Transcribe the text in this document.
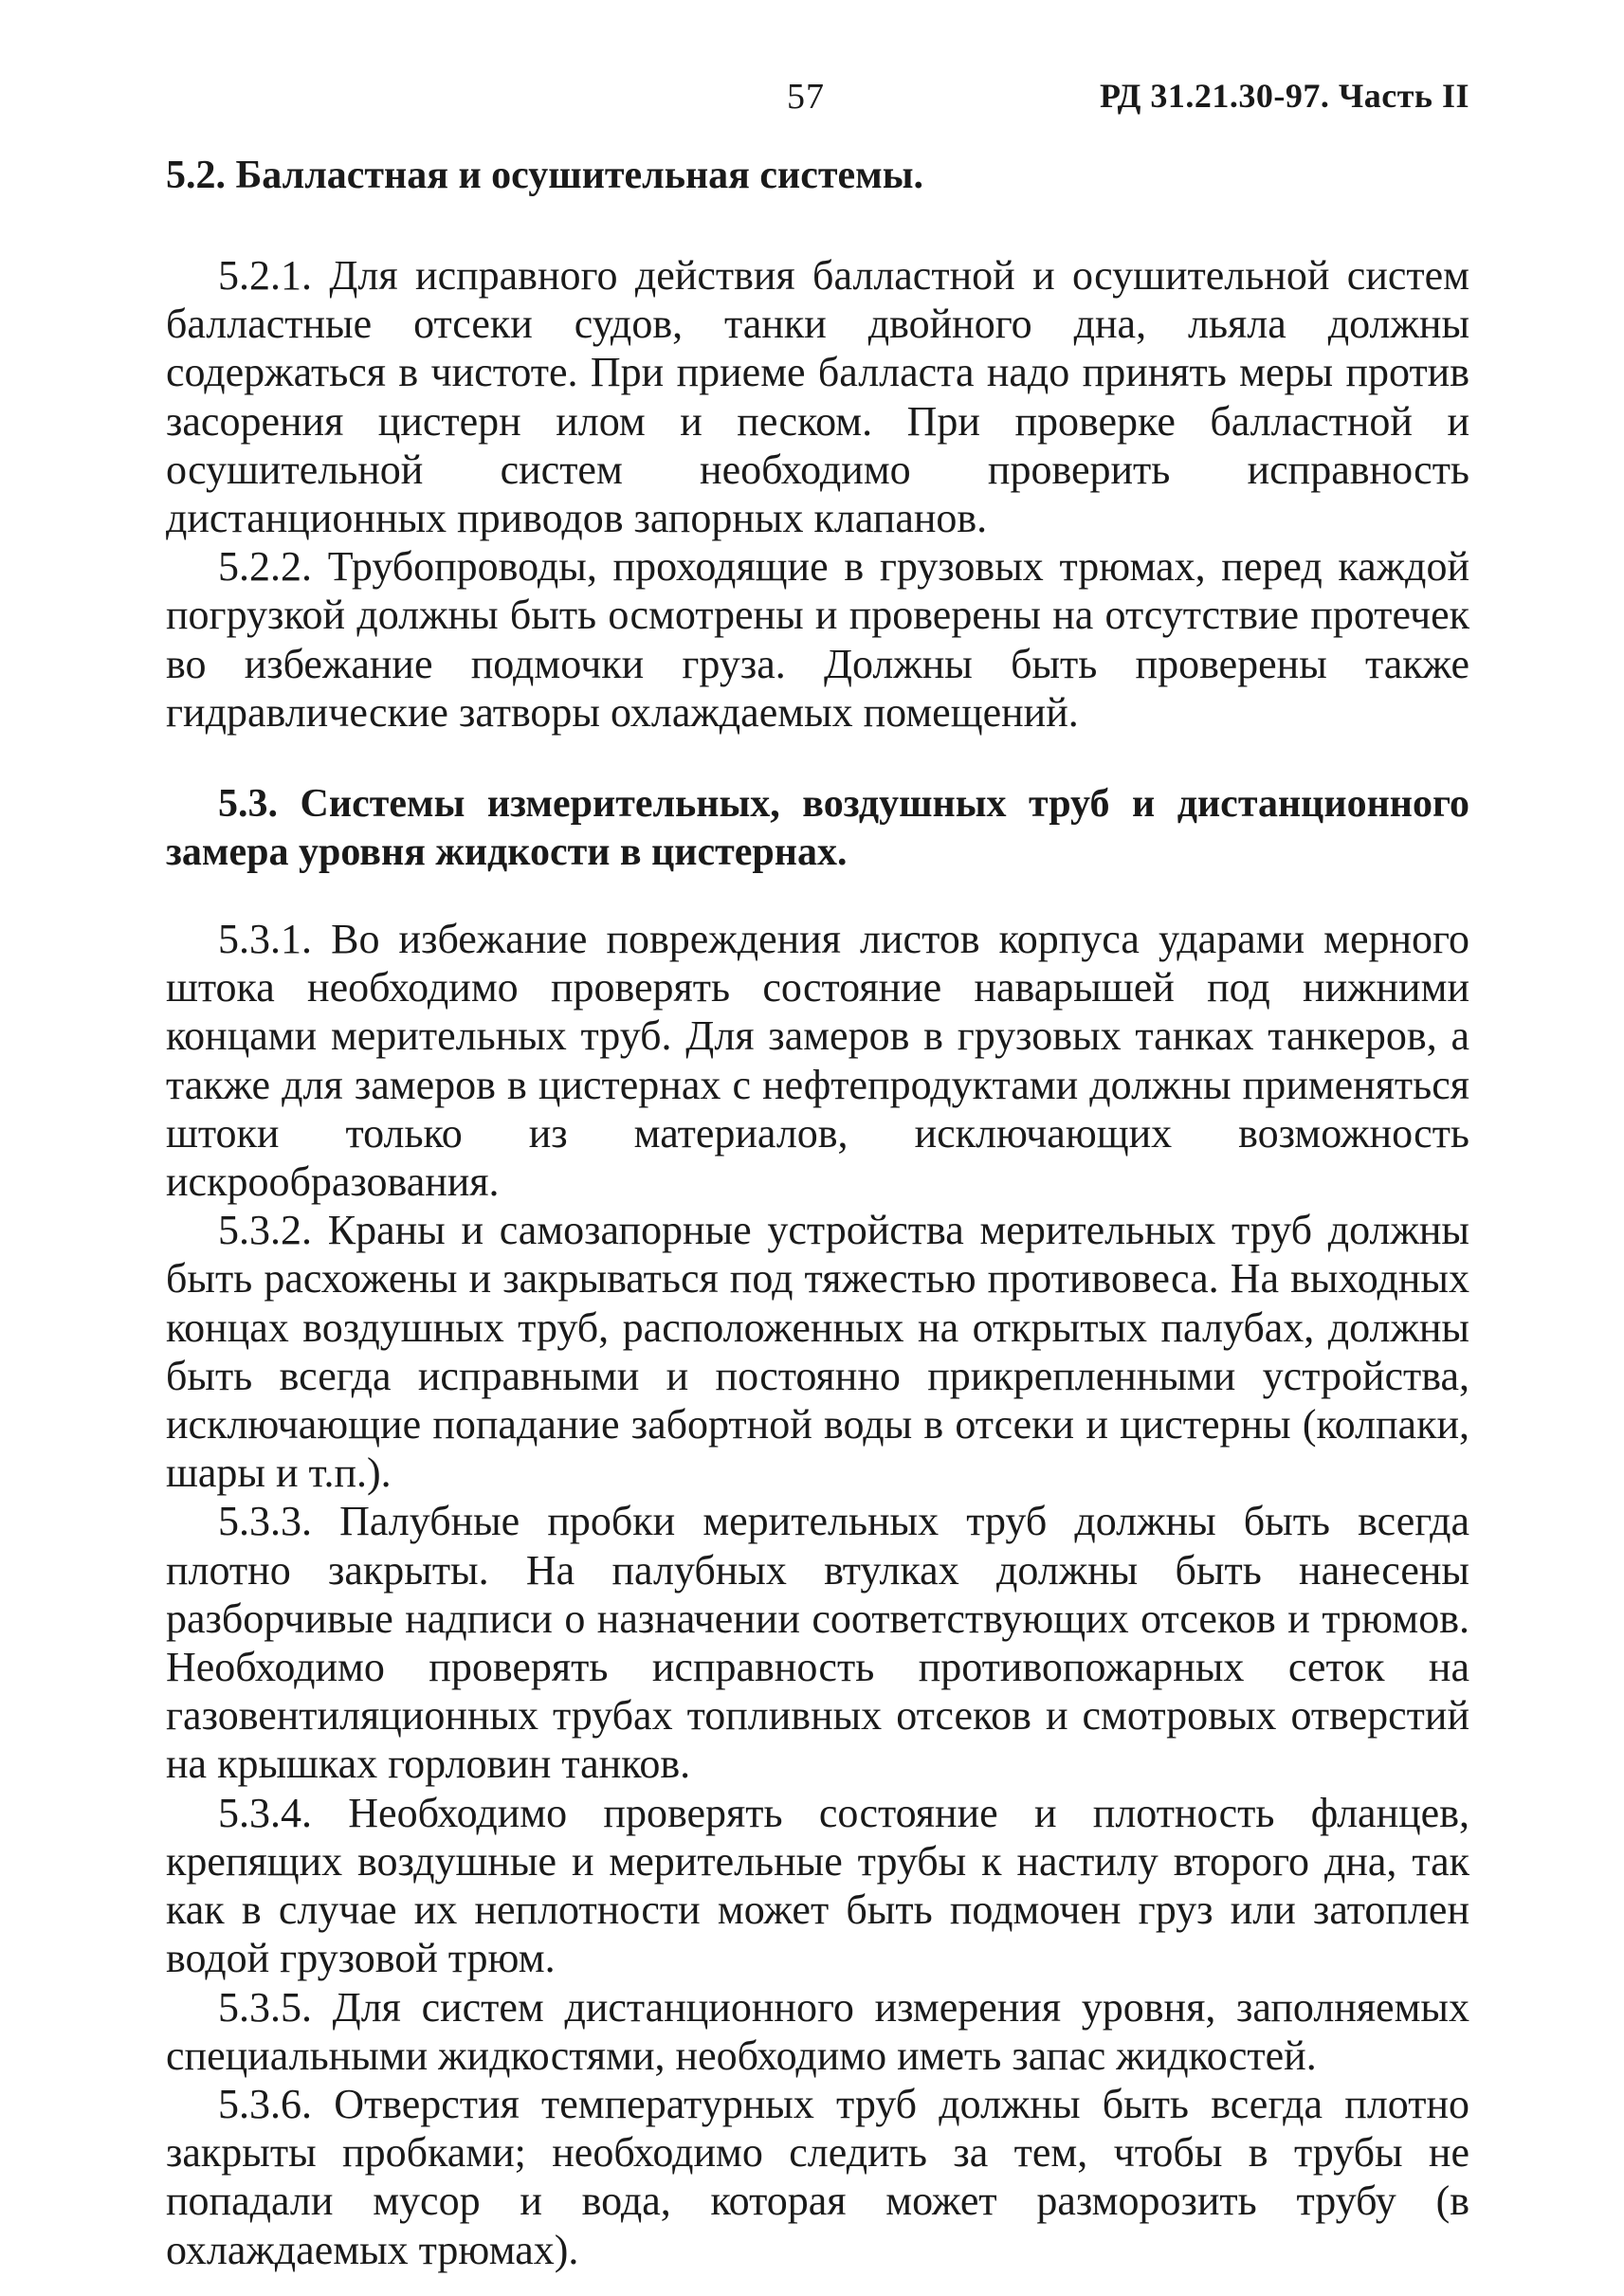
57	РД 31.21.30-97. Часть II
5.2. Балластная и осушительная системы.

5.2.1. Для исправного действия балластной и осушительной систем балластные отсеки судов, танки двойного дна, льяла должны содержаться в чистоте. При приеме балласта надо принять меры против засорения цистерн илом и песком. При проверке балластной и осушительной систем необходимо проверить исправность дистанционных приводов запорных клапанов.

5.2.2. Трубопроводы, проходящие в грузовых трюмах, перед каждой погрузкой должны быть осмотрены и проверены на отсутствие протечек во избежание подмочки груза. Должны быть проверены также гидравлические затворы охлаждаемых помещений.

5.3. Системы измерительных, воздушных труб и дистанционного замера уровня жидкости в цистернах.

5.3.1. Во избежание повреждения листов корпуса ударами мерного штока необходимо проверять состояние наварышей под нижними концами мерительных труб. Для замеров в грузовых танках танкеров, а также для замеров в цистернах с нефтепродуктами должны применяться штоки только из материалов, исключающих возможность искрообразования.

5.3.2. Краны и самозапорные устройства мерительных труб должны быть расхожены и закрываться под тяжестью противовеса. На выходных концах воздушных труб, расположенных на открытых палубах, должны быть всегда исправными и постоянно прикрепленными устройства, исключающие попадание забортной воды в отсеки и цистерны (колпаки, шары и т.п.).

5.3.3. Палубные пробки мерительных труб должны быть всегда плотно закрыты. На палубных втулках должны быть нанесены разборчивые надписи о назначении соответствующих отсеков и трюмов. Необходимо проверять исправность противопожарных сеток на газовентиляционных трубах топливных отсеков и смотровых отверстий на крышках горловин танков.

5.3.4. Необходимо проверять состояние и плотность фланцев, крепящих воздушные и мерительные трубы к настилу второго дна, так как в случае их неплотности может быть подмочен груз или затоплен водой грузовой трюм.

5.3.5. Для систем дистанционного измерения уровня, заполняемых специальными жидкостями, необходимо иметь запас жидкостей.

5.3.6. Отверстия температурных труб должны быть всегда плотно закрыты пробками; необходимо следить за тем, чтобы в трубы не попадали мусор и вода, которая может разморозить трубу (в охлаждаемых трюмах).
